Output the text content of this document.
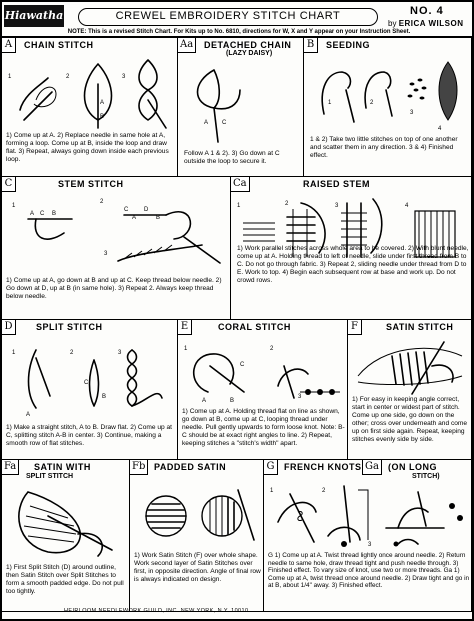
Hiawatha	CREWEL EMBROIDERY STITCH CHART	NO. 4
by ERICA WILSON
NOTE: This is a revised Stitch Chart. For Kits up to No. 6810, directions for W, X and Y appear on your Instruction Sheet.
A	CHAIN STITCH
1	2
A
B
3
1) Come up at A. 2) Replace needle in same hole at A, forming a loop. Come up at B, inside the loop and draw flat. 3) Repeat, always going down inside each previous loop.
Aa	DETACHED CHAIN
(LAZY DAISY)
A C
Follow A 1 & 2). 3) Go down at C outside the loop to secure it.
B	SEEDING
1	2
3
4
1 & 2) Take two little stitches on top of one another and scatter them in any direction. 3 & 4) Finished effect.
C	STEM STITCH
1
A C B
2
C
A
D
B
3
1) Come up at A, go down at B and up at C. Keep thread below needle. 2) Go down at D, up at B (in same hole). 3) Repeat 2. Always keep thread below needle.
Ca	RAISED STEM
1	2	3	4
1) Work parallel stitches across whole area to be covered. 2) With blunt needle, come up at A. Holding thread to left of needle, slide under first thread from B to C. Do not go through fabric. 3) Repeat 2, sliding needle under thread from D to E. Work to top. 4) Begin each subsequent row at base and work up. Do not crowd rows.
D	SPLIT STITCH
1
A
2
C
B
3
1) Make a straight stitch, A to B. Draw flat. 2) Come up at C, splitting stitch A-B in center. 3) Continue, making a smooth row of flat stitches.
E	CORAL STITCH
1
A	B
C
2
3
1) Come up at A. Holding thread flat on line as shown, go down at B, come up at C, looping thread under needle. Pull gently upwards to form loose knot. Note: B-C should be at exact right angles to line. 2) Repeat, keeping stitches a "stitch's width" apart.
F	SATIN STITCH
1) For easy in keeping angle correct, start in center or widest part of stitch. Come up one side, go down on the other; cross over underneath and come up on first side again. Repeat, keeping stitches evenly side by side.
Fa	SATIN WITH
SPLIT STITCH
1) First Split Stitch (D) around outline, then Satin Stitch over Split Stitches to form a smooth padded edge. Do not pull too tightly.
Fb PADDED SATIN
1) Work Satin Stitch (F) over whole shape. Work second layer of Satin Stitches over first, in opposite direction. Angle of final row is always indicated on design.
G	FRENCH KNOTS Ga	(ON LONG
STITCH)
1	2
3
G 1) Come up at A. Twist thread lightly once around needle. 2) Return needle to same hole, draw thread tight and push needle through. 3) Finished effect. To vary size of knot, use two or more threads. Ga 1) Come up at A, twist thread once around needle. 2) Draw tight and go in at B, about 1/4" away. 3) Finished effect.
HEIRLOOM NEEDLEWORK GUILD, INC. NEW YORK, N.Y. 10010
